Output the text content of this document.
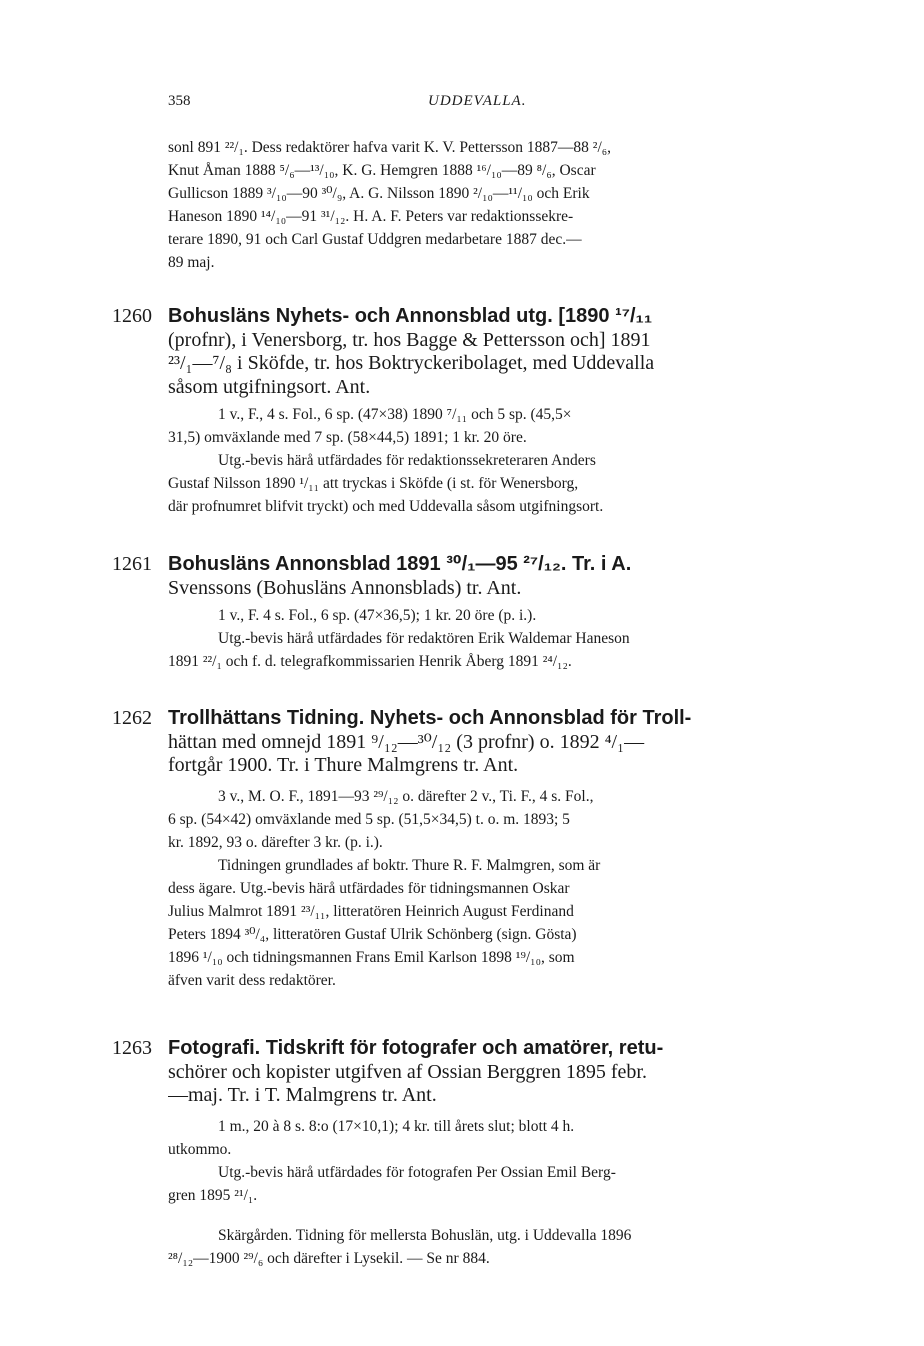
358	UDDEVALLA.
sonl 891 ²²/₁. Dess redaktörer hafva varit K. V. Pettersson 1887—88 ²/₆,
Knut Åman 1888 ⁵/₆—¹³/₁₀, K. G. Hemgren 1888 ¹⁶/₁₀—89 ⁸/₆, Oscar
Gullicson 1889 ³/₁₀—90 ³⁰/₉, A. G. Nilsson 1890 ²/₁₀—¹¹/₁₀ och Erik
Haneson 1890 ¹⁴/₁₀—91 ³¹/₁₂. H. A. F. Peters var redaktionssekre-
terare 1890, 91 och Carl Gustaf Uddgren medarbetare 1887 dec.—
89 maj.
1260 Bohusläns Nyhets- och Annonsblad utg. [1890 ¹⁷/₁₁
(profnr), i Venersborg, tr. hos Bagge & Pettersson och] 1891
²³/₁—⁷/₈ i Sköfde, tr. hos Boktryckeribolaget, med Uddevalla
såsom utgifningsort. Ant.
1 v., F., 4 s. Fol., 6 sp. (47×38) 1890 ⁷/₁₁ och 5 sp. (45,5×
31,5) omväxlande med 7 sp. (58×44,5) 1891; 1 kr. 20 öre.
Utg.-bevis härå utfärdades för redaktionssekreteraren Anders
Gustaf Nilsson 1890 ¹/₁₁ att tryckas i Sköfde (i st. för Wenersborg,
där profnumret blifvit tryckt) och med Uddevalla såsom utgifningsort.
1261 Bohusläns Annonsblad 1891 ³⁰/₁—95 ²⁷/₁₂. Tr. i A.
Svenssons (Bohusläns Annonsblads) tr. Ant.
1 v., F. 4 s. Fol., 6 sp. (47×36,5); 1 kr. 20 öre (p. i.).
Utg.-bevis härå utfärdades för redaktören Erik Waldemar Haneson
1891 ²²/₁ och f. d. telegrafkommissarien Henrik Åberg 1891 ²⁴/₁₂.
1262 Trollhättans Tidning. Nyhets- och Annonsblad för Troll-
hättan med omnejd 1891 ⁹/₁₂—³⁰/₁₂ (3 profnr) o. 1892 ⁴/₁—
fortgår 1900. Tr. i Thure Malmgrens tr. Ant.
3 v., M. O. F., 1891—93 ²⁹/₁₂ o. därefter 2 v., Ti. F., 4 s. Fol.,
6 sp. (54×42) omväxlande med 5 sp. (51,5×34,5) t. o. m. 1893; 5
kr. 1892, 93 o. därefter 3 kr. (p. i.).
Tidningen grundlades af boktr. Thure R. F. Malmgren, som är
dess ägare. Utg.-bevis härå utfärdades för tidningsmannen Oskar
Julius Malmrot 1891 ²³/₁₁, litteratören Heinrich August Ferdinand
Peters 1894 ³⁰/₄, litteratören Gustaf Ulrik Schönberg (sign. Gösta)
1896 ¹/₁₀ och tidningsmannen Frans Emil Karlson 1898 ¹⁹/₁₀, som
äfven varit dess redaktörer.
1263 Fotografi. Tidskrift för fotografer och amatörer, retu-
schörer och kopister utgifven af Ossian Berggren 1895 febr.
—maj. Tr. i T. Malmgrens tr. Ant.
1 m., 20 à 8 s. 8:o (17×10,1); 4 kr. till årets slut; blott 4 h.
utkommo.
Utg.-bevis härå utfärdades för fotografen Per Ossian Emil Berg-
gren 1895 ²¹/₁.
Skärgården. Tidning för mellersta Bohuslän, utg. i Uddevalla 1896
²⁸/₁₂—1900 ²⁹/₆ och därefter i Lysekil. — Se nr 884.
